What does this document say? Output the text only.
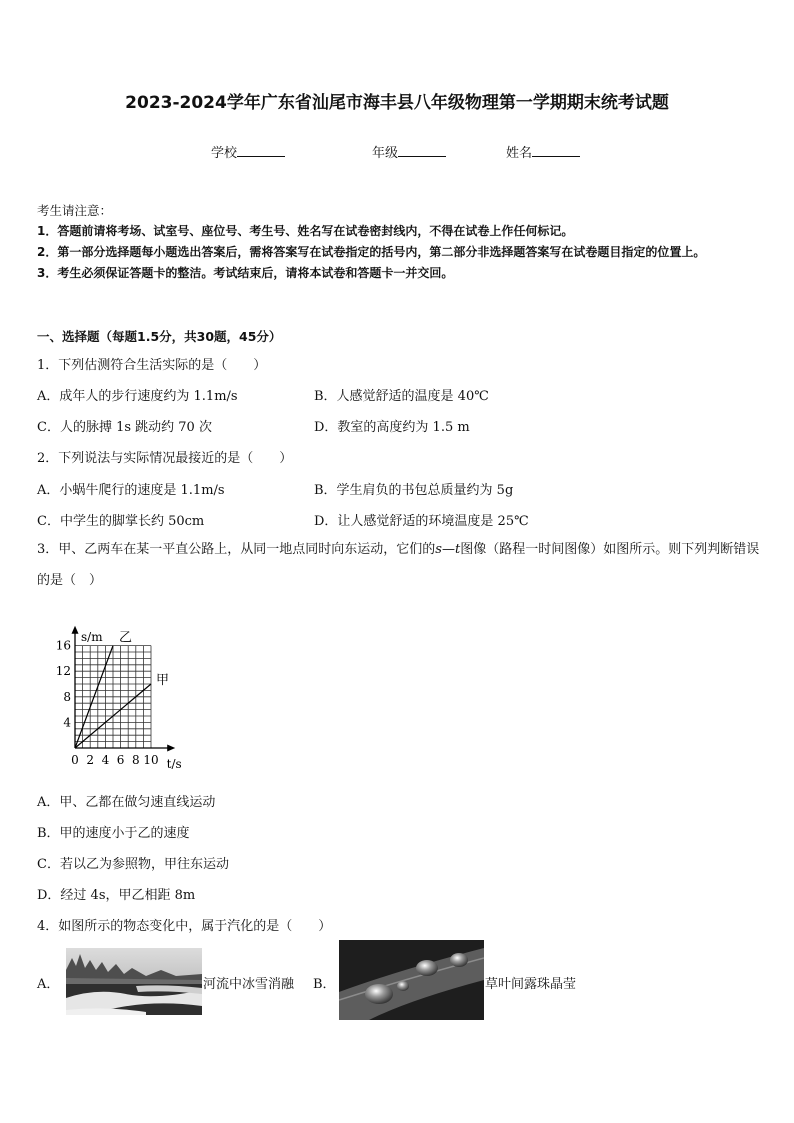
2023-2024学年广东省汕尾市海丰县八年级物理第一学期期末统考试题
学校	年级	姓名
考生请注意：
1．答题前请将考场、试室号、座位号、考生号、姓名写在试卷密封线内，不得在试卷上作任何标记。
2．第一部分选择题每小题选出答案后，需将答案写在试卷指定的括号内，第二部分非选择题答案写在试卷题目指定的位置上。
3．考生必须保证答题卡的整洁。考试结束后，请将本试卷和答题卡一并交回。
一、选择题（每题1.5分，共30题，45分）
1．下列估测符合生活实际的是（　　）
A．成年人的步行速度约为 1.1m/s	B．人感觉舒适的温度是 40℃
C．人的脉搏 1s 跳动约 70 次	D．教室的高度约为 1.5 m
2．下列说法与实际情况最接近的是（　　）
A．小蜗牛爬行的速度是 1.1m/s	B．学生肩负的书包总质量约为 5g
C．中学生的脚掌长约 50cm	D．让人感觉舒适的环境温度是 25℃
3．甲、乙两车在某一平直公路上，从同一地点同时向东运动，它们的s—t图像（路程一时间图像）如图所示。则下列判断错误的是（　）
0 2 4 6 8 10
4
8
12
16
t/s
s/m 乙
甲
A．甲、乙都在做匀速直线运动
B．甲的速度小于乙的速度
C．若以乙为参照物，甲往东运动
D．经过 4s，甲乙相距 8m
4．如图所示的物态变化中，属于汽化的是（　　）
A．	河流中冰雪消融 B．	草叶间露珠晶莹
